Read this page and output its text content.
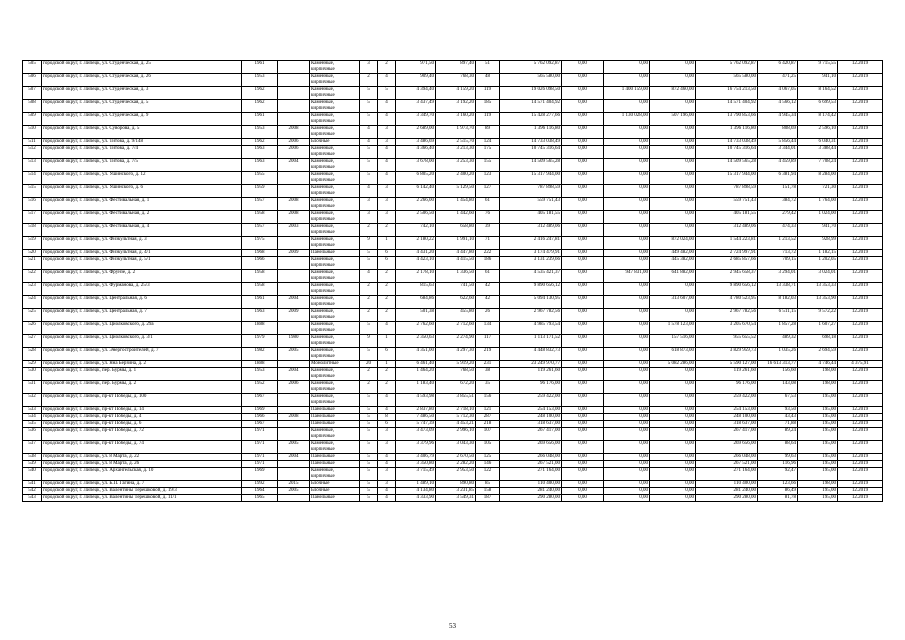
505	городской округ, г. Липецк, ул. Студенческая, д. 25	1961		Каменные, кирпичные	3	2	971,50	897,40	51	5 762 092,87	0,00	0,00	0,00	5 762 092,87	6 420,87	9 715,55	12.2019	
506	городской округ, г. Липецк, ул. Студенческая, д. 26	1953		Каменные, кирпичные	2	4	909,40	768,30	48	565 580,00	0,00	0,00	0,00	565 580,00	471,25	941,10	12.2019	
507	городской округ, г. Липецк, ул. Студенческая, д. 3	1962		Каменные, кирпичные	5	5	4 394,40	4 159,20	119	19 026 098,50	0,00	1 400 159,00	872 460,00	16 754 213,50	4 067,05	8 164,52	12.2019	
508	городской округ, г. Липецк, ул. Студенческая, д. 5	1962		Каменные, кирпичные	5	4	3 437,49	3 192,20	185	14 571 404,92	0,00	0,00	0,00	14 571 404,92	4 566,12	6 699,53	12.2019	
509	городской округ, г. Липецк, ул. Студенческая, д. 9	1961		Каменные, кирпичные	5	4	3 349,70	3 160,20	119	15 428 277,66	0,00	1 130 028,00	507 196,00	13 790 853,66	4 945,34	8 174,42	12.2019	
510	городской округ, г. Липецк, ул. Суворова, д. 5	1953	2008	Каменные, кирпичные	4	3	2 689,00	1 973,70	89	1 396 116,80	0,00	0,00	0,00	1 396 116,80	808,69	2 596,10	12.2019	
511	городской округ, г. Липецк, ул. Титова, д. 9/148	1962	2006	Блочные	4	3	3 486,69	2 515,70	124	14 733 038,49	0,00	0,00	0,00	14 733 038,49	5 856,44	6 040,31	12.2019	
512	городской округ, г. Липецк, ул. Титова, д. 7/4	1963	2006	Каменные, кирпичные	5	4	4 366,40	3 213,30	175	10 745 316,64	0,00	0,00	0,00	10 745 316,64	3 344,01	3 388,44	12.2019	
513	городской округ, г. Липецк, ул. Титова, д. 7/5	1963	2004	Каменные, кирпичные	5	4	3 678,00	3 253,30	155	14 509 565,28	0,00	0,00	0,00	14 509 565,28	4 459,89	7 708,24	12.2019	
514	городской округ, г. Липецк, ул. Ушинского, д. 12	1955		Каменные, кирпичные	5	4	6 805,20	2 400,20	123	15 317 944,00	0,00	0,00	0,00	15 317 944,00	6 381,94	8 284,00	12.2019	
515	городской округ, г. Липецк, ул. Ушинского, д. 6	1959		Каменные, кирпичные	4	3	6 142,40	5 129,50	127	787 898,59	0,00	0,00	0,00	787 898,59	151,78	721,30	12.2019	
516	городской округ, г. Липецк, ул. Фестивальная, д. 1	1957	2008	Каменные, кирпичные	3	3	2 266,00	1 454,80	61	559 751,43	0,00	0,00	0,00	559 751,43	384,72	1 764,00	12.2019	
517	городской округ, г. Липецк, ул. Фестивальная, д. 2	1958	2008	Каменные, кирпичные	3	3	2 506,50	1 442,60	76	405 181,55	0,00	0,00	0,00	405 181,55	279,42	1 024,00	12.2019	
518	городской округ, г. Липецк, ул. Фестивальная, д. 4	1957	2003	Каменные, кирпичные	2	2	742,10	658,80	39	312 489,06	0,00	0,00	0,00	312 489,06	474,33	941,70	12.2019	
519	городской округ, г. Липецк, ул. Физкультная, д. 3	1975		Каменные, кирпичные	9	1	2 180,22	1 991,10	71	2 416 247,81	0,00	0,00	872 024,00	1 544 223,81	1 213,52	928,99	12.2019	
520	городской округ, г. Липецк, ул. Физкультная, д. 4/1	1968	2009	Панельные	5	6	4 431,20	4 447,80	222	3 174 479,91	0,00	0,00	449 482,00	2 724 997,91	713,72	1 182,15	12.2019	
521	городской округ, г. Липецк, ул. Физкультная, д. 5/1	1966		Каменные, кирпичные	5	6	4 423,10	4 415,50	186	3 131 239,66	0,00	0,00	445 382,00	2 685 857,66	709,15	1 202,05	12.2019	
522	городской округ, г. Липецк, ул. Фрунзе, д. 2	1958		Каменные, кирпичные	4	2	2 178,10	1 336,50	61	4 535 421,37	0,00	947 831,00	641 882,00	2 945 658,37	3 294,01	3 024,01	12.2019	
523	городской округ, г. Липецк, ул. Фурманова, д. 25/3	1958		Каменные, кирпичные	2	2	815,63	741,50	42	9 890 656,12	0,00	0,00	0,00	9 890 656,12	13 338,71	13 353,33	12.2019	
524	городской округ, г. Липецк, ул. Центральная, д. 6	1961	2004	Каменные, кирпичные	2	2	684,86	622,60	42	5 094 130,95	0,00	0,00	313 607,00	4 780 523,95	8 182,03	13 353,90	12.2019	
525	городской округ, г. Липецк, ул. Центральная, д. 7	1963	2009	Каменные, кирпичные	2	2	501,38	455,80	26	2 967 782,56	0,00	0,00	0,00	2 967 782,56	6 511,15	9 572,22	12.2019	
526	городской округ, г. Липецк, ул. Циолковского, д. 29а	1888		Каменные, кирпичные	5	4	2 762,60	2 712,60	134	4 985 793,54	0,00	0,00	1 578 123,00	3 205 670,54	1 857,28	1 607,27	12.2019	
527	городской округ, г. Липецк, ул. Циолковского, д. 3/1	1979	1980	Каменные, кирпичные	9	1	2 350,63	2 274,90	117	1 113 171,52	0,00	0,00	157 516,00	955 655,52	489,32	698,18	12.2019	
528	городской округ, г. Липецк, ул. Энергостроителей, д. 7	1982	2005	Каменные, кирпичные	5	6	4 351,00	4 297,30	219	4 448 832,73	0,00	0,00	618 873,00	3 829 959,73	1 035,26	2 694,59	12.2019	
529	городской округ, г. Липецк, ул. Яна Берзина, д. 2	1888		Монолитные	20	1	6 461,40	5 919,20	231	23 249 970,77	0,00	0,00	5 082 286,00	5 590 127,00	16 613 313,77	4 746,44	4 375,91	
530	городской округ, г. Липецк, пер. Бурмы, д. 1	1953	2004	Каменные, кирпичные	2	2	1 464,20	768,50	38	119 261,60	0,00	0,00	0,00	119 261,60	156,60	198,00	12.2019	
531	городской округ, г. Липецк, пер. Бурмы, д. 2	1952	2006	Каменные, кирпичные	2	2	1 183,40	672,20	35	96 176,00	0,00	0,00	0,00	96 176,00	143,08	198,00	12.2019	
532	городской округ, г. Липецк, пр-кт Победы, д. 100	1967		Каменные, кирпичные	5	4	4 593,98	3 855,51	156	259 422,00	0,00	0,00	0,00	259 422,00	67,53	195,00	12.2019	
533	городской округ, г. Липецк, пр-кт Победы, д. 14	1969		Панельные	5	4	2 837,80	2 718,10	121	254 153,00	0,00	0,00	0,00	254 153,00	93,50	195,00	12.2019	
534	городской округ, г. Липецк, пр-кт Победы, д. 4	1966	2008	Панельные	5	8	7 486,50	5 712,30	287	248 100,00	0,00	0,00	0,00	248 100,00	43,43	195,00	12.2019	
535	городской округ, г. Липецк, пр-кт Победы, д. 6	1967		Панельные	5	6	5 747,39	4 453,21	218	318 637,00	0,00	0,00	0,00	318 637,00	71,88	195,00	12.2019	
536	городской округ, г. Липецк, пр-кт Победы, д. 72	1971		Каменные, кирпичные	5	3	3 473,09	2 996,10	107	267 417,00	0,00	0,00	0,00	267 417,00	89,24	195,00	12.2019	
537	городской округ, г. Липецк, пр-кт Победы, д. 74	1971	2005	Каменные, кирпичные	5	3	3 379,96	3 043,30	105	269 656,00	0,00	0,00	0,00	269 656,00	88,64	195,00	12.2019	
538	городской округ, г. Липецк, ул. 8 Марта, д. 22	1971	2004	Панельные	5	4	3 406,79	2 670,50	125	266 048,00	0,00	0,00	0,00	266 048,00	99,63	195,00	12.2019	
539	городской округ, г. Липецк, ул. 8 Марта, д. 26	1971		Панельные	5	4	3 350,80	2 282,20	146	267 521,00	0,00	0,00	0,00	267 521,00	116,96	195,00	12.2019	
540	городской округ, г. Липецк, ул. Архангельская, д. 10	1969		Каменные, кирпичные	5	3	3 715,49	2 953,50	122	271 164,00	0,00	0,00	0,00	271 164,00	92,47	195,00	12.2019	
541	городской округ, г. Липецк, ул. Б.П. Гагина, д. 7	1992	2015	Блочные	5	3	1 489,10	890,80	85	110 400,00	0,00	0,00	0,00	110 400,00	123,66	198,00	12.2019	
542	городской округ, г. Липецк, ул. Валентины Терешковой, д. 19/3	1964	2005	Блочные	5	4	4 134,80	3 231,85	158	281 240,00	0,00	0,00	0,00	281 240,00	86,49	195,00	12.2019	
543	городской округ, г. Липецк, ул. Валентины Терешковой, д. 11/1	1965		Панельные	5	4	4 333,90	3 549,31	187	290 280,00	0,00	0,00	0,00	290 280,00	81,78	195,00	12.2019	
53
